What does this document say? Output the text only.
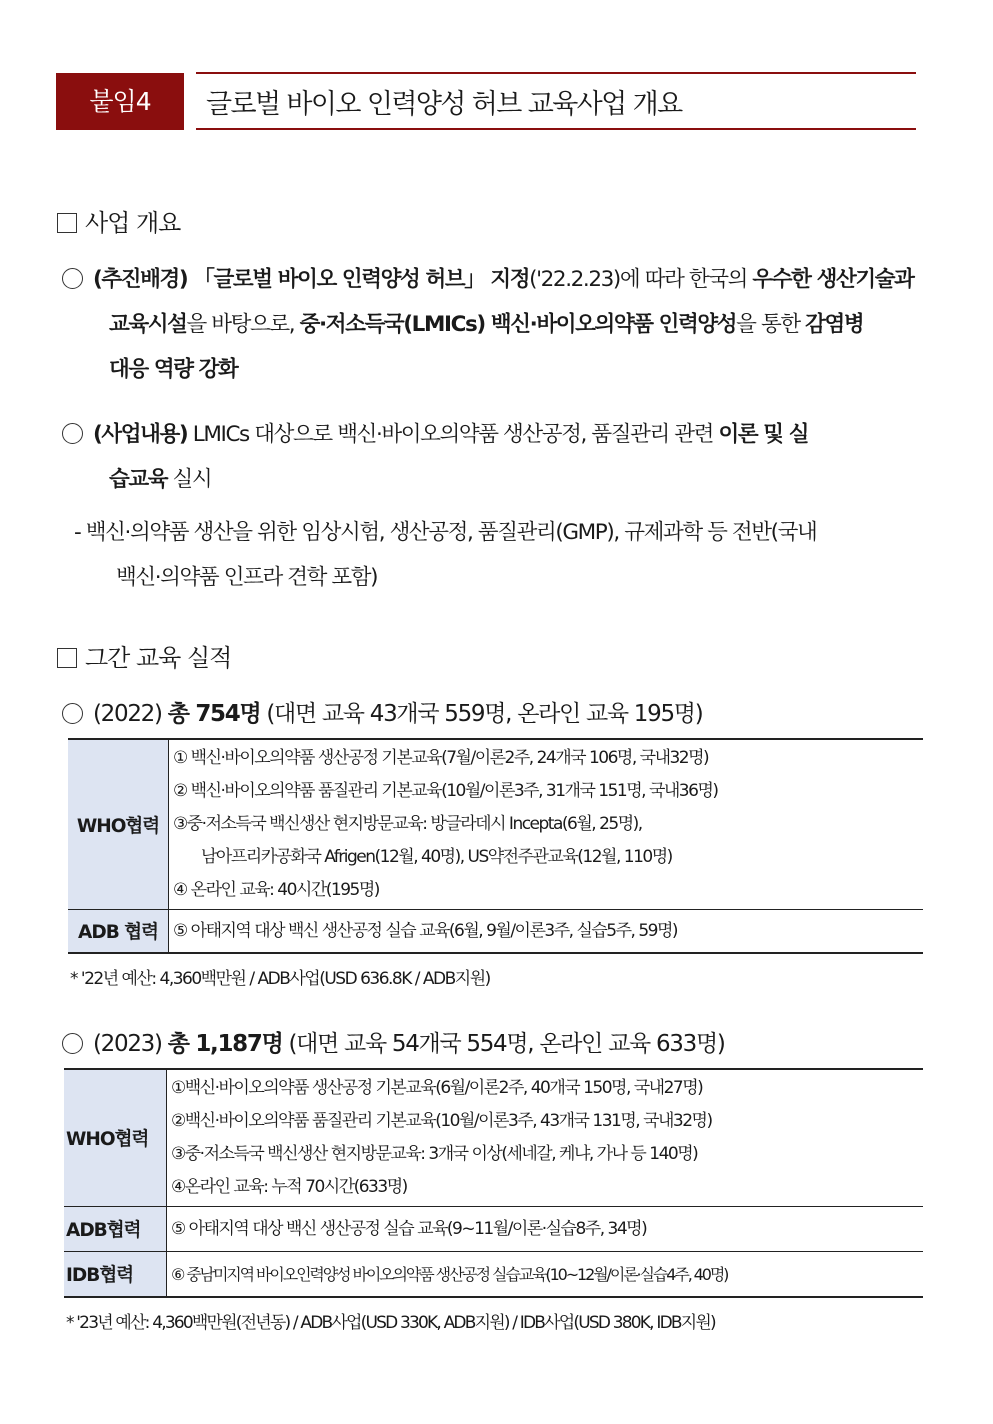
붙임4	글로벌 바이오 인력양성 허브 교육사업 개요
사업 개요
(추진배경) 「글로벌 바이오 인력양성 허브」 지정('22.2.23)에 따라 한국의 우수한 생산기술과
교육시설을 바탕으로, 중·저소득국(LMICs) 백신·바이오의약품 인력양성을 통한 감염병
대응 역량 강화
(사업내용) LMICs 대상으로 백신·바이오의약품 생산공정, 품질관리 관련 이론 및 실
습교육 실시
- 백신·의약품 생산을 위한 임상시험, 생산공정, 품질관리(GMP), 규제과학 등 전반(국내
백신·의약품 인프라 견학 포함)
그간 교육 실적
(2022) 총 754명 (대면 교육 43개국 559명, 온라인 교육 195명)
WHO협력	① 백신·바이오의약품 생산공정 기본교육(7월/이론2주, 24개국 106명, 국내32명)
② 백신·바이오의약품 품질관리 기본교육(10월/이론3주, 31개국 151명, 국내36명)
③중·저소득국 백신생산 현지방문교육: 방글라데시 Incepta(6월, 25명),
남아프리카공화국 Afrigen(12월, 40명), US약전주관교육(12월, 110명)
④ 온라인 교육: 40시간(195명)

ADB 협력	⑤ 아태지역 대상 백신 생산공정 실습 교육(6월, 9월/이론3주, 실습5주, 59명)
* '22년 예산: 4,360백만원 / ADB사업(USD 636.8K / ADB지원)
(2023) 총 1,187명 (대면 교육 54개국 554명, 온라인 교육 633명)
WHO협력	①백신·바이오의약품 생산공정 기본교육(6월/이론2주, 40개국 150명, 국내27명)
②백신·바이오의약품 품질관리 기본교육(10월/이론3주, 43개국 131명, 국내32명)
③중·저소득국 백신생산 현지방문교육: 3개국 이상(세네갈, 케냐, 가나 등 140명)
④온라인 교육: 누적 70시간(633명)

ADB협력	⑤ 아태지역 대상 백신 생산공정 실습 교육(9~11월/이론·실습8주, 34명)
IDB협력	⑥ 중남미지역 바이오인력양성 바이오의약품 생산공정 실습교육(10~12월/이론·실습4주, 40명)
* '23년 예산: 4,360백만원(전년동) / ADB사업(USD 330K, ADB지원) / IDB사업(USD 380K, IDB지원)
